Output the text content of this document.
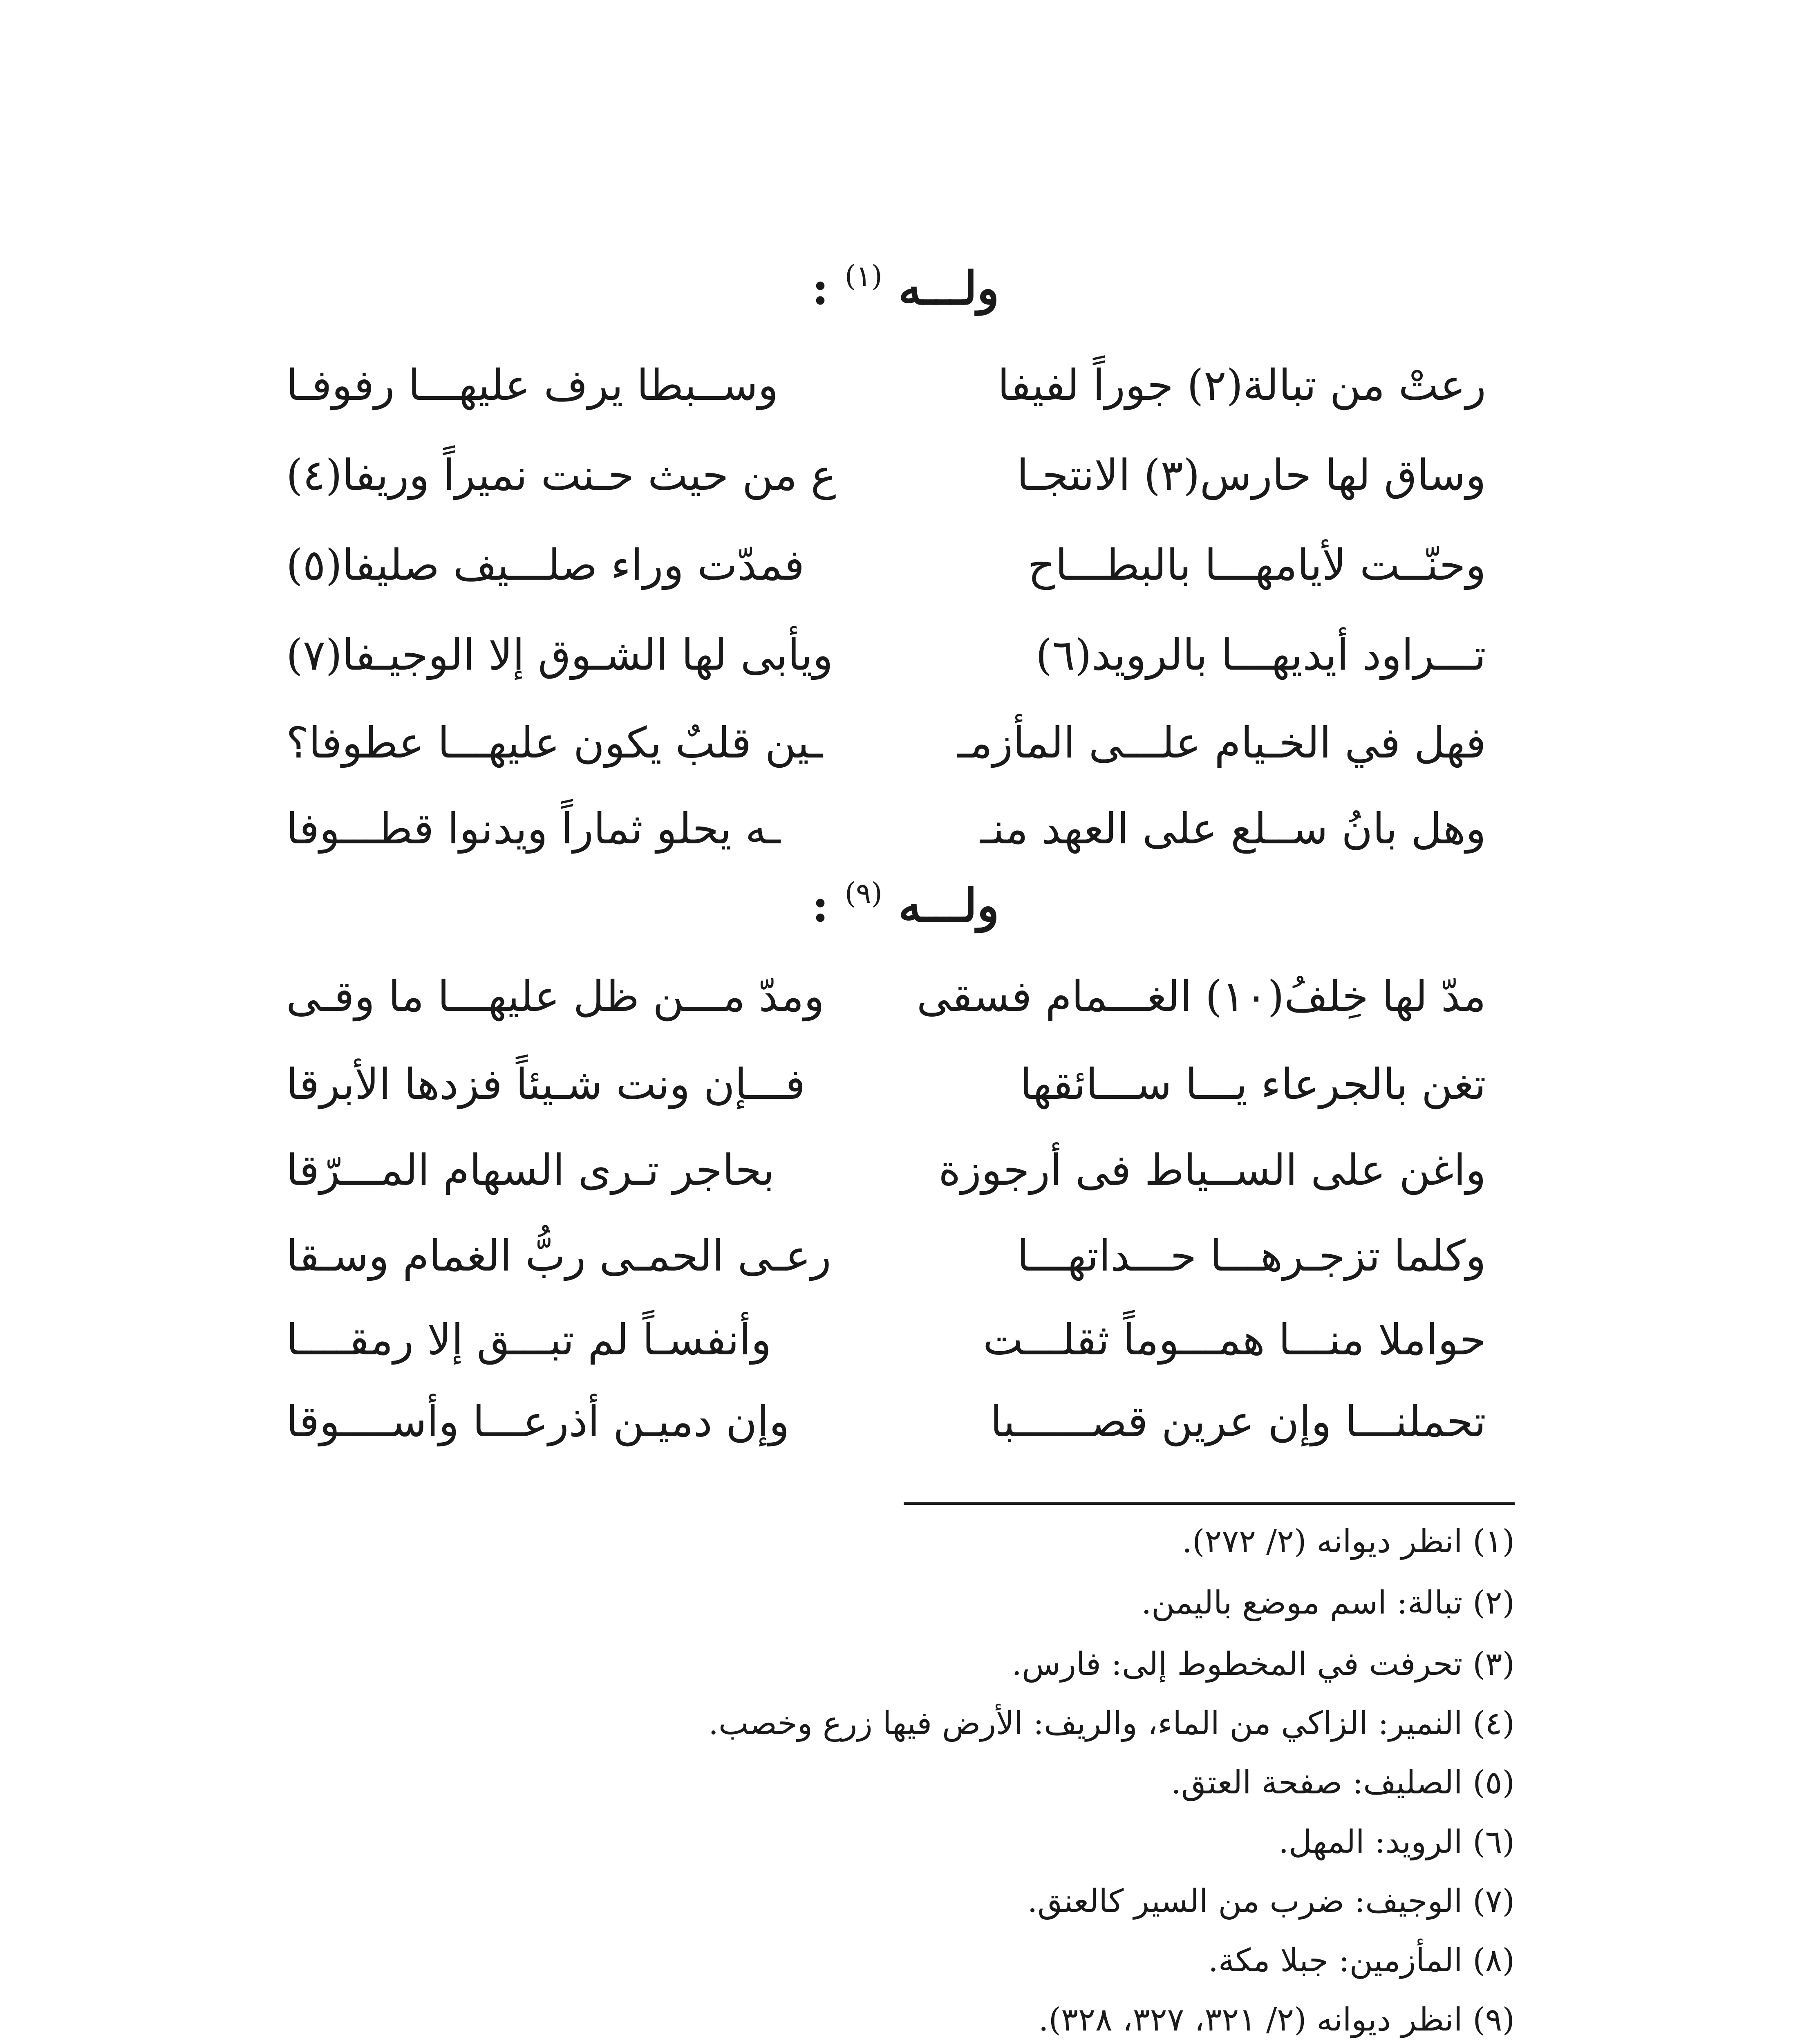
ولـــه $^{(١)}$ :
رعتْ من تبالة(٢) جوراً لفيفا
وســبطا يرف عليهـــا رفوفـا
وساق لها حارس(٣) الانتجـا
ع من حيث حـنت نميراً وريفا(٤)
وحنّــت لأيامهـــا بالبطـــاح
فمدّت وراء صلـــيف صليفا(٥)
تـــراود أيديهـــا بالرويد(٦)
ويأبى لها الشـوق إلا الوجيـفا(٧)
فهل في الخـيام علـــى المأزمـ
ـين قلبٌ يكون عليهـــا عطوفا؟
وهل بانُ ســلع على العهد منـ
ـه يحلو ثماراً ويدنوا قطـــوفا
ولـــه $^{(٩)}$ :
مدّ لها خِلفُ(١٠) الغـــمام فسقى
ومدّ مـــن ظل عليهـــا ما وقـى
تغن بالجرعاء يـــا ســـائقها
فـــإن ونت شـيئاً فزدها الأبرقا
واغن على الســياط فى أرجوزة
بحاجر تـرى السهام المـــرّقا
وكلما تزجـرهـــا حـــداتهـــا
رعـى الحمـى ربُّ الغمام وسـقا
حواملا منـــا همـــوماً ثقلـــت
وأنفسـاً لم تبـــق إلا رمقــــا
تحملنـــا وإن عرين قصــــــبا
وإن دميـن أذرعـــا وأســــوقا
(١) انظر ديوانه (٢/ ٢٧٢).
(٢) تبالة: اسم موضع باليمن.
(٣) تحرفت في المخطوط إلى: فارس.
(٤) النمير: الزاكي من الماء، والريف: الأرض فيها زرع وخصب.
(٥) الصليف: صفحة العتق.
(٦) الرويد: المهل.
(٧) الوجيف: ضرب من السير كالعنق.
(٨) المأزمين: جبلا مكة.
(٩) انظر ديوانه (٢/ ٣٢١، ٣٢٧، ٣٢٨).
